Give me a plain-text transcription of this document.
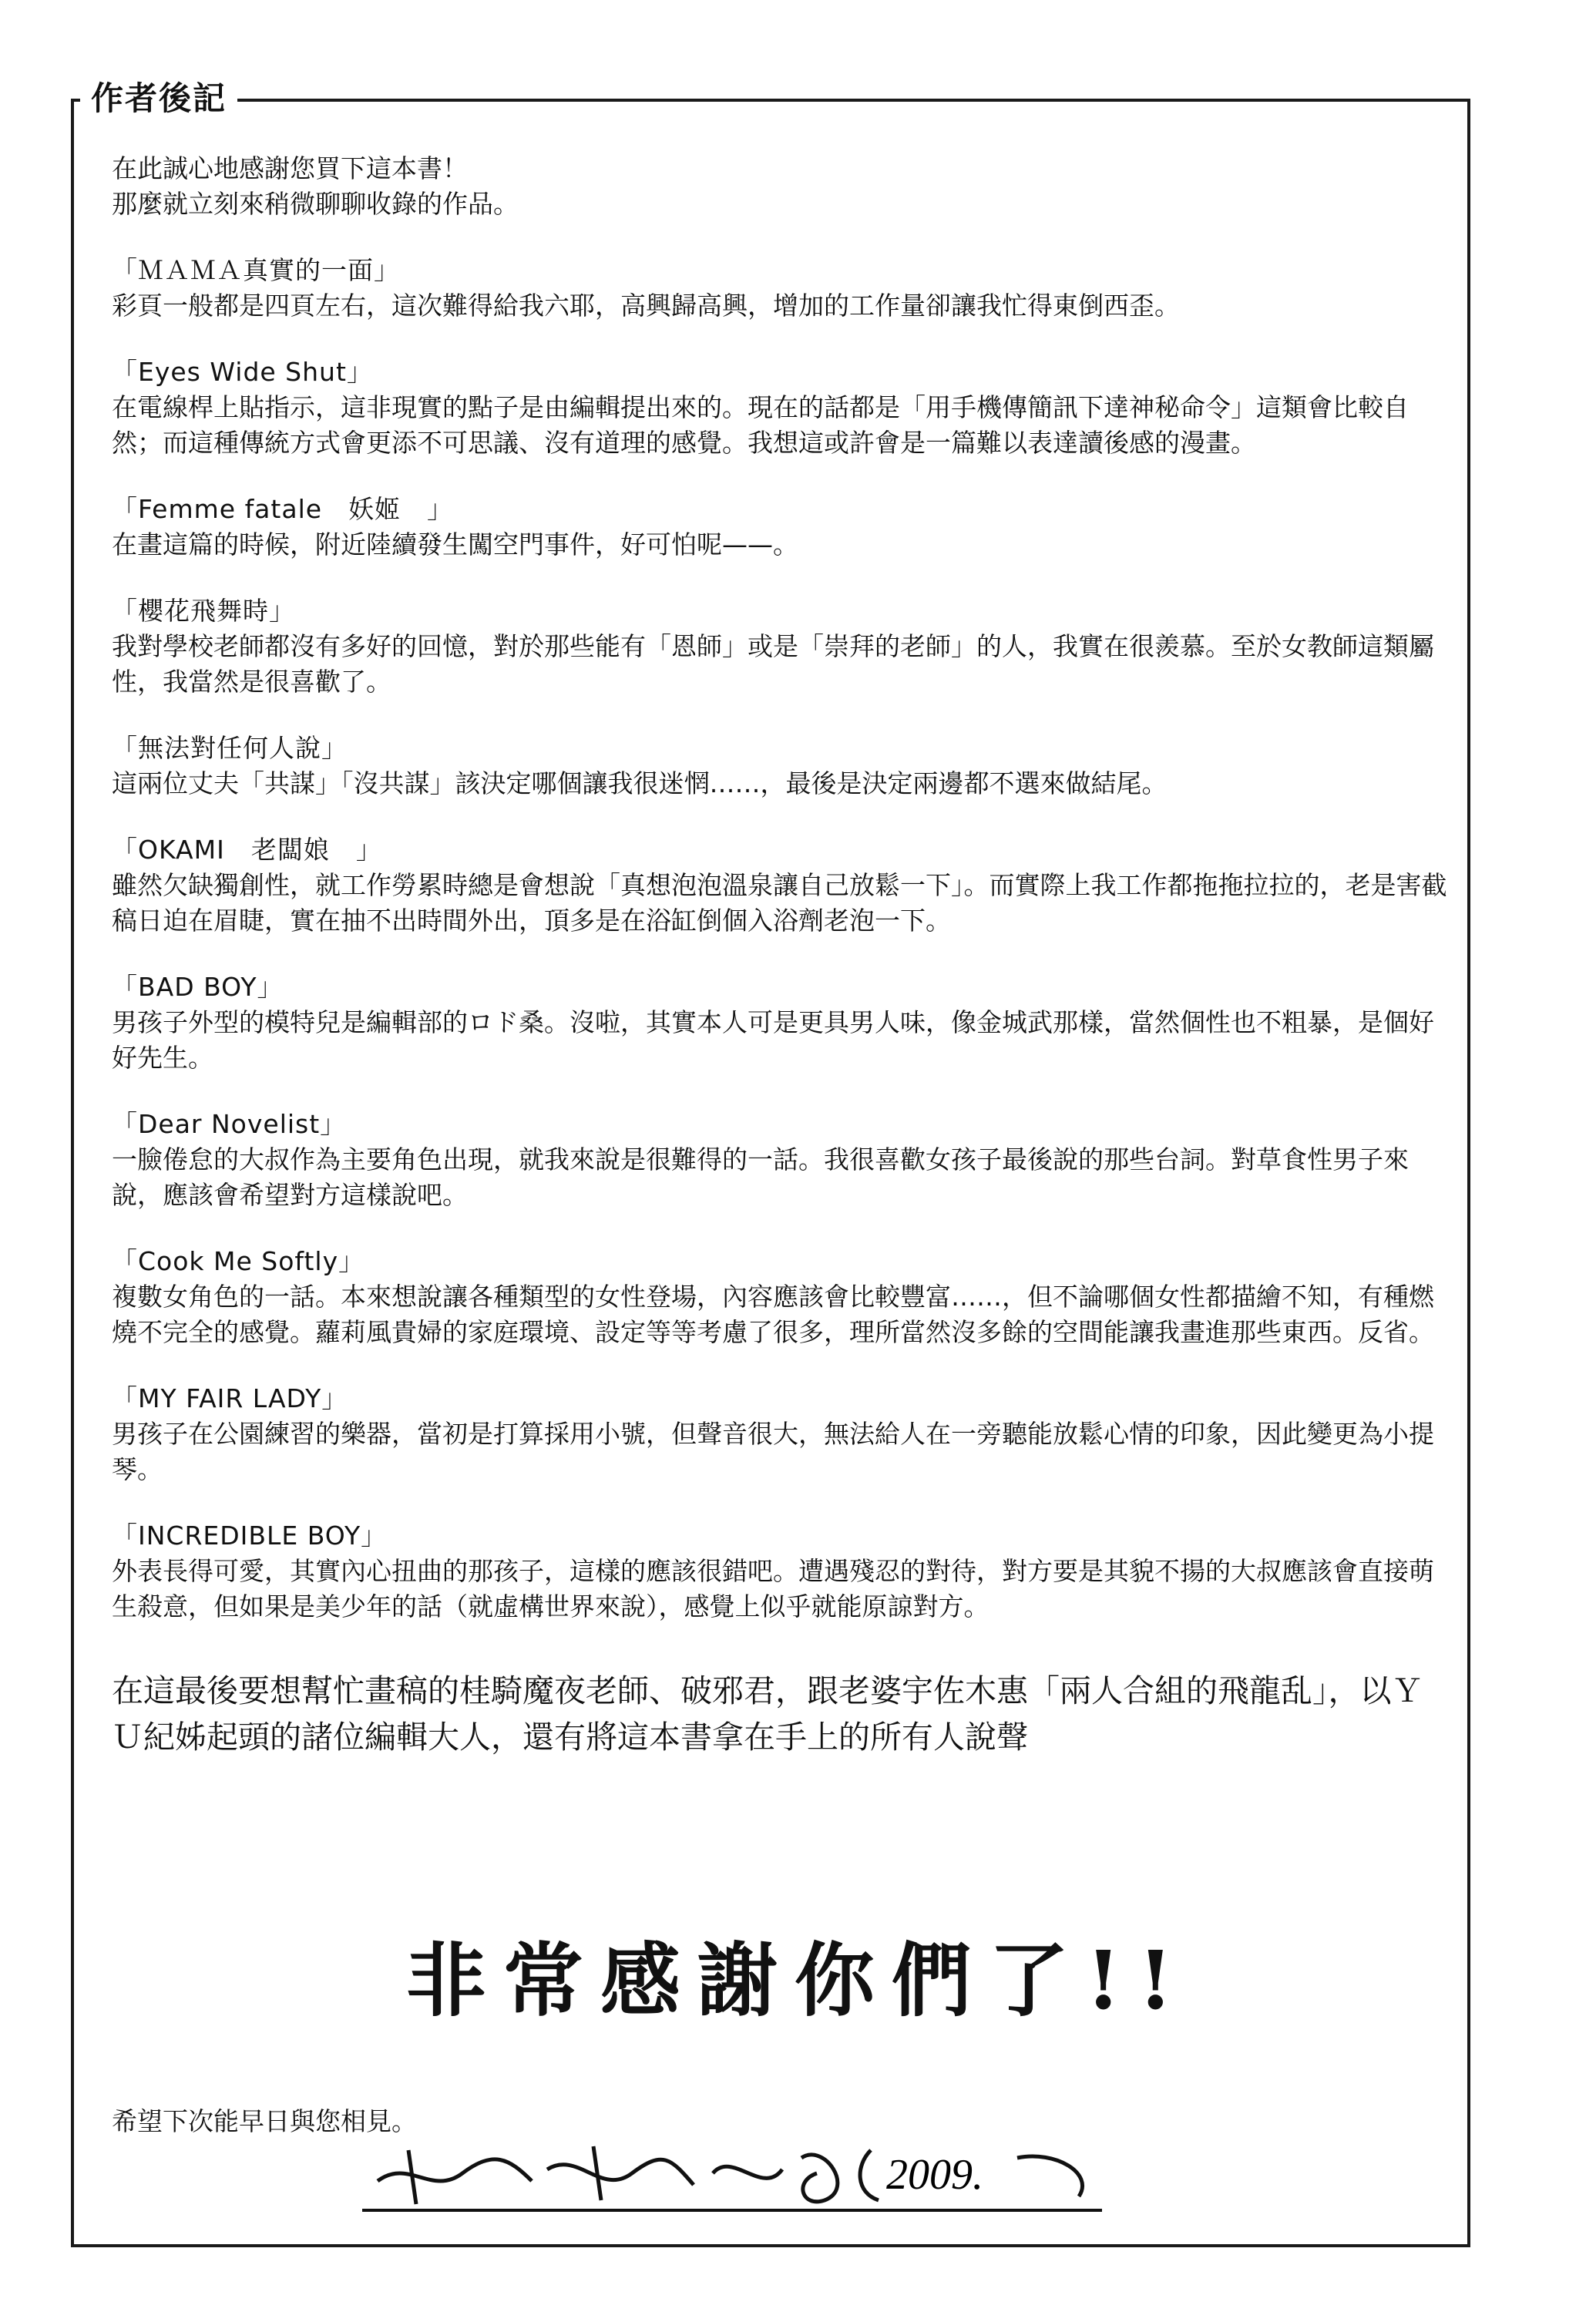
作者後記

在此誠心地感謝您買下這本書！

那麼就立刻來稍微聊聊收錄的作品。

「ＭＡＭＡ真實的一面」

彩頁一般都是四頁左右，這次難得給我六耶，高興歸高興，增加的工作量卻讓我忙得東倒西歪。

「Eyes Wide Shut」

在電線桿上貼指示，這非現實的點子是由編輯提出來的。現在的話都是「用手機傳簡訊下達神秘命令」這類會比較自然；而這種傳統方式會更添不可思議、沒有道理的感覺。我想這或許會是一篇難以表達讀後感的漫畫。

「Femme fatale　妖姬　」

在畫這篇的時候，附近陸續發生闖空門事件，好可怕呢——。

「櫻花飛舞時」

我對學校老師都沒有多好的回憶，對於那些能有「恩師」或是「崇拜的老師」的人，我實在很羨慕。至於女教師這類屬性，我當然是很喜歡了。

「無法對任何人說」

這兩位丈夫「共謀」「沒共謀」該決定哪個讓我很迷惘……，最後是決定兩邊都不選來做結尾。

「OKAMI　老闆娘　」

雖然欠缺獨創性，就工作勞累時總是會想說「真想泡泡溫泉讓自己放鬆一下」。而實際上我工作都拖拖拉拉的，老是害截稿日迫在眉睫，實在抽不出時間外出，頂多是在浴缸倒個入浴劑老泡一下。

「BAD BOY」

男孩子外型的模特兒是編輯部的ロド桑。沒啦，其實本人可是更具男人味，像金城武那樣，當然個性也不粗暴，是個好好先生。

「Dear Novelist」

一臉倦怠的大叔作為主要角色出現，就我來說是很難得的一話。我很喜歡女孩子最後說的那些台詞。對草食性男子來說，應該會希望對方這樣說吧。

「Cook Me Softly」

複數女角色的一話。本來想說讓各種類型的女性登場，內容應該會比較豐富……，但不論哪個女性都描繪不知，有種燃燒不完全的感覺。蘿莉風貴婦的家庭環境、設定等等考慮了很多，理所當然沒多餘的空間能讓我畫進那些東西。反省。

「MY FAIR LADY」

男孩子在公園練習的樂器，當初是打算採用小號，但聲音很大，無法給人在一旁聽能放鬆心情的印象，因此變更為小提琴。

「INCREDIBLE BOY」

外表長得可愛，其實內心扭曲的那孩子，這樣的應該很錯吧。遭遇殘忍的對待，對方要是其貌不揚的大叔應該會直接萌生殺意，但如果是美少年的話（就虛構世界來說），感覺上似乎就能原諒對方。

在這最後要想幫忙畫稿的桂騎魔夜老師、破邪君，跟老婆宇佐木惠「兩人合組的飛龍乱」，以ＹＵ紀姊起頭的諸位編輯大人，還有將這本書拿在手上的所有人說聲

非常感謝你們了!!
希望下次能早日與您相見。
2009.
